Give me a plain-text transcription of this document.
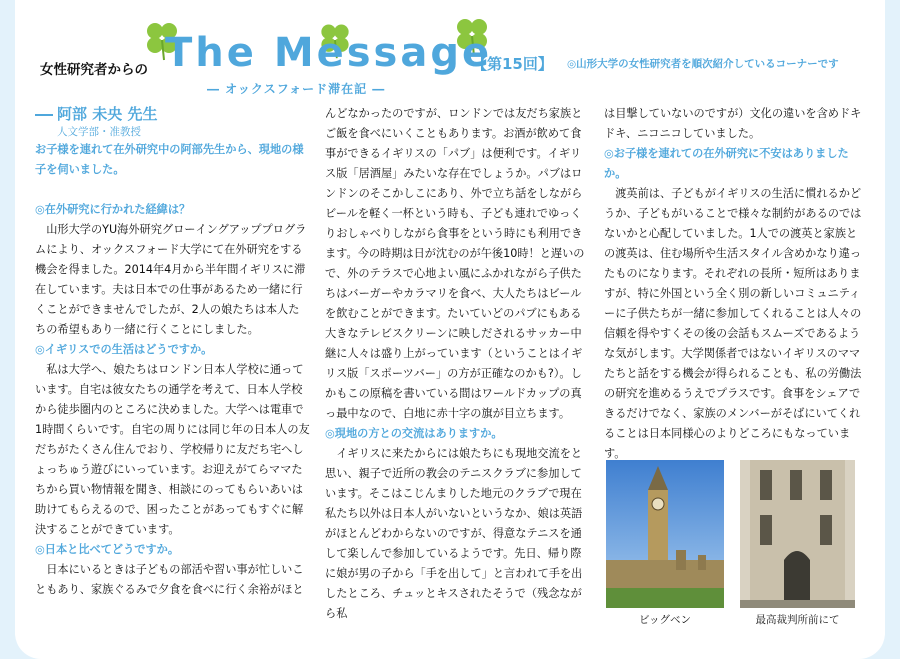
女性研究者からの The Message
― オックスフォード滞在記 ―
【第15回】 ◎山形大学の女性研究者を順次紹介しているコーナーです
阿部 未央 先生
人文学部・准教授

お子様を連れて在外研究中の阿部先生から、現地の様子を伺いました。

◎在外研究に行かれた経緯は？

山形大学のYU海外研究グローイングアッププログラムにより、オックスフォード大学にて在外研究をする機会を得ました。2014年4月から半年間イギリスに滞在しています。夫は日本での仕事があるため一緒に行くことができませんでしたが、2人の娘たちは本人たちの希望もあり一緒に行くことにしました。

◎イギリスでの生活はどうですか。

私は大学へ、娘たちはロンドン日本人学校に通っています。自宅は彼女たちの通学を考えて、日本人学校から徒歩圏内のところに決めました。大学へは電車で1時間くらいです。自宅の周りには同じ年の日本人の友だちがたくさん住んでおり、学校帰りに友だち宅へしょっちゅう遊びにいっています。お迎えがてらママたちから買い物情報を聞き、相談にのってもらいあいは助けてもらえるので、困ったことがあってもすぐに解決することができています。

◎日本と比べてどうですか。

日本にいるときは子どもの部活や習い事が忙しいこともあり、家族ぐるみで夕食を食べに行く余裕がほと

んどなかったのですが、ロンドンでは友だち家族とご飯を食べにいくこともあります。お酒が飲めて食事ができるイギリスの「パブ」は便利です。イギリス版「居酒屋」みたいな存在でしょうか。パブはロンドンのそこかしこにあり、外で立ち話をしながらビールを軽く一杯という時も、子ども連れでゆっくりおしゃべりしながら食事をという時にも利用できます。今の時期は日が沈むのが午後10時！と遅いので、外のテラスで心地よい風にふかれながら子供たちはバーガーやカラマリを食べ、大人たちはビールを飲むことができます。たいていどのパブにもある大きなテレビスクリーンに映しだされるサッカー中継に人々は盛り上がっています（ということはイギリス版「スポーツバー」の方が正確なのかも?）。しかもこの原稿を書いている間はワールドカップの真っ最中なので、白地に赤十字の旗が目立ちます。

◎現地の方との交流はありますか。

イギリスに来たからには娘たちにも現地交流をと思い、親子で近所の教会のテニスクラブに参加しています。そこはこじんまりした地元のクラブで現在私たち以外は日本人がいないというなか、娘は英語がほとんどわからないのですが、得意なテニスを通して楽しんで参加しているようです。先日、帰り際に娘が男の子から「手を出して」と言われて手を出したところ、チュッとキスされたそうで（残念ながら私

は目撃していないのですが）文化の違いを含めドキドキ、ニコニコしていました。

◎お子様を連れての在外研究に不安はありましたか。

渡英前は、子どもがイギリスの生活に慣れるかどうか、子どもがいることで様々な制約があるのではないかと心配していました。1人での渡英と家族との渡英は、住む場所や生活スタイル含めかなり違ったものになります。それぞれの長所・短所はありますが、特に外国という全く別の新しいコミュニティーに子供たちが一緒に参加してくれることは人々の信頼を得やすくその後の会話もスムーズであるような気がします。大学関係者ではないイギリスのママたちと話をする機会が得られることも、私の労働法の研究を進めるうえでプラスです。食事をシェアできるだけでなく、家族のメンバーがそばにいてくれることは日本同様心のよりどころにもなっています。

ビッグベン	最高裁判所前にて
